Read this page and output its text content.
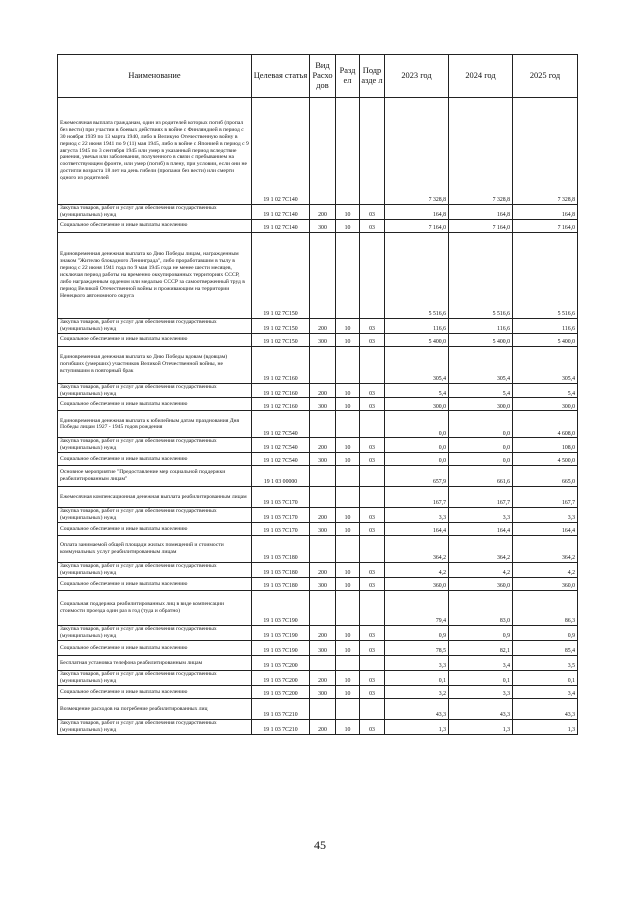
Наименование	Целевая статья	Вид Расхо дов	Разд ел	Подр азде л	2023 год	2024 год	2025 год
Ежемесячная выплата гражданам, один из родителей которых погиб (пропал без вести) при участии в боевых действиях в войне с Финляндией в период с 30 ноября 1939 по 13 марта 1940, либо в Великую Отечественную войну в период с 22 июня 1941 по 9 (11) мая 1945, либо в войне с Японией в период с 9 августа 1945 по 3 сентября 1945 или умер в указанный период вследствие ранения, увечья или заболевания, полученного в связи с пребыванием на соответствующем фронте, или умер (погиб) в плену, при условии, если они не достигли возраста 18 лет на день гибели (пропажи без вести) или смерти одного из родителей	19 1 02 7С140				7 328,8	7 328,8	7 328,8
Закупка товаров, работ и услуг для обеспечения государственных (муниципальных) нужд	19 1 02 7С140	200	10	03	164,8	164,8	164,8
Социальное обеспечение и иные выплаты населению	19 1 02 7С140	300	10	03	7 164,0	7 164,0	7 164,0
Единовременная денежная выплата ко Дню Победы лицам, награжденным знаком "Жителю блокадного Ленинграда", либо проработавшим в тылу в период с 22 июня 1941 года по 9 мая 1945 года не менее шести месяцев, исключая период работы на временно оккупированных территориях СССР, либо награжденным орденом или медалью СССР за самоотверженный труд в период Великой Отечественной войны и проживающим на территории Ненецкого автономного округа	19 1 02 7С150				5 516,6	5 516,6	5 516,6
Закупка товаров, работ и услуг для обеспечения государственных (муниципальных) нужд	19 1 02 7С150	200	10	03	116,6	116,6	116,6
Социальное обеспечение и иные выплаты населению	19 1 02 7С150	300	10	03	5 400,0	5 400,0	5 400,0
Единовременная денежная выплата ко Дню Победы вдовам (вдовцам) погибших (умерших) участников Великой Отечественной войны, не вступившим в повторный брак	19 1 02 7С160				305,4	305,4	305,4
Закупка товаров, работ и услуг для обеспечения государственных (муниципальных) нужд	19 1 02 7С160	200	10	03	5,4	5,4	5,4
Социальное обеспечение и иные выплаты населению	19 1 02 7С160	300	10	03	300,0	300,0	300,0
Единовременная денежная выплата к юбилейным датам празднования Дня Победы лицам 1927 - 1945 годов рождения	19 1 02 7С540				0,0	0,0	4 608,0
Закупка товаров, работ и услуг для обеспечения государственных (муниципальных) нужд	19 1 02 7С540	200	10	03	0,0	0,0	108,0
Социальное обеспечение и иные выплаты населению	19 1 02 7С540	300	10	03	0,0	0,0	4 500,0
Основное мероприятие "Предоставление мер социальной поддержки реабилитированным лицам"	19 1 03 00000				657,9	661,6	665,0
Ежемесячная компенсационная денежная выплата реабилитированным лицам	19 1 03 7С170				167,7	167,7	167,7
Закупка товаров, работ и услуг для обеспечения государственных (муниципальных) нужд	19 1 03 7С170	200	10	03	3,3	3,3	3,3
Социальное обеспечение и иные выплаты населению	19 1 03 7С170	300	10	03	164,4	164,4	164,4
Оплата занимаемой общей площади жилых помещений и стоимости коммунальных услуг реабилитированным лицам	19 1 03 7С180				364,2	364,2	364,2
Закупка товаров, работ и услуг для обеспечения государственных (муниципальных) нужд	19 1 03 7С180	200	10	03	4,2	4,2	4,2
Социальное обеспечение и иные выплаты населению	19 1 03 7С180	300	10	03	360,0	360,0	360,0
Социальная поддержка реабилитированных лиц в виде компенсации стоимости проезда один раз в год (туда и обратно)	19 1 03 7С190				79,4	83,0	86,3
Закупка товаров, работ и услуг для обеспечения государственных (муниципальных) нужд	19 1 03 7С190	200	10	03	0,9	0,9	0,9
Социальное обеспечение и иные выплаты населению	19 1 03 7С190	300	10	03	78,5	82,1	85,4
Бесплатная установка телефона реабилитированным лицам	19 1 03 7С200				3,3	3,4	3,5
Закупка товаров, работ и услуг для обеспечения государственных (муниципальных) нужд	19 1 03 7С200	200	10	03	0,1	0,1	0,1
Социальное обеспечение и иные выплаты населению	19 1 03 7С200	300	10	03	3,2	3,3	3,4
Возмещение расходов на погребение реабилитированных лиц	19 1 03 7С210				43,3	43,3	43,3
Закупка товаров, работ и услуг для обеспечения государственных (муниципальных) нужд	19 1 03 7С210	200	10	03	1,3	1,3	1,3
45
